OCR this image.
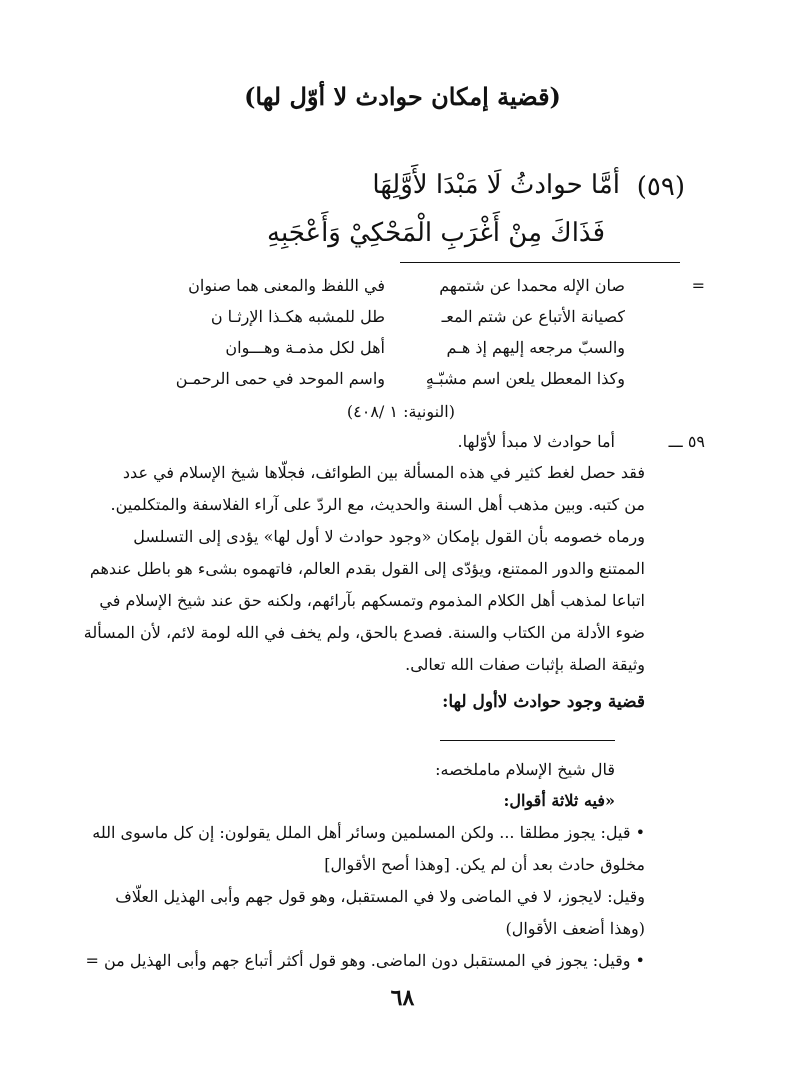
(قضية إمكان حوادث لا أوّل لها)
(٥٩)
أمَّا حوادثُ لَا مَبْدَا لأَوَّلِهَا
فَذَاكَ مِنْ أَغْرَبِ الْمَحْكِيْ وَأَعْجَبِهِ
=
صان الإله محمدا عن شتمهم
في اللفظ والمعنى هما صنوان
كصيانة الأتباع عن شتم المعـ
طل للمشبه هكـذا الإرثـا ن
والسبّ مرجعه إليهم إذ هـم
أهل لكل مذمـة وهـــوان
وكذا المعطل يلعن اسم مشبّـهٍ
واسم الموحد في حمى الرحمـن
(النونية: ١ /٤٠٨)
٥٩ ـــ
أما حوادث لا مبدأ لأوّلها.
فقد حصل لغط كثير في هذه المسألة بين الطوائف، فجلّاها شيخ الإسلام في عدد
من كتبه. وبين مذهب أهل السنة والحديث، مع الردّ على آراء الفلاسفة والمتكلمين.
ورماه خصومه بأن القول بإمكان «وجود حوادث لا أول لها» يؤدى إلى التسلسل
الممتنع والدور الممتنع، ويؤدّى إلى القول بقدم العالم، فاتهموه بشىء هو باطل عندهم
اتباعا لمذهب أهل الكلام المذموم وتمسكهم بآرائهم، ولكنه حق عند شيخ الإسلام في
ضوء الأدلة من الكتاب والسنة. فصدع بالحق، ولم يخف في الله لومة لائم، لأن المسألة
وثيقة الصلة بإثبات صفات الله تعالى.
قضية وجود حوادث لاأول لها:
قال شيخ الإسلام ماملخصه:
«فيه ثلاثة أقوال:
• قيل: يجوز مطلقا ... ولكن المسلمين وسائر أهل الملل يقولون: إن كل ماسوى الله
مخلوق حادث بعد أن لم يكن. [وهذا أصح الأقوال]
وقيل: لايجوز، لا في الماضى ولا في المستقبل، وهو قول جهم وأبى الهذيل العلّاف
(وهذا أضعف الأقوال)
• وقيل: يجوز في المستقبل دون الماضى. وهو قول أكثر أتباع جهم وأبى الهذيل من =
٦٨
